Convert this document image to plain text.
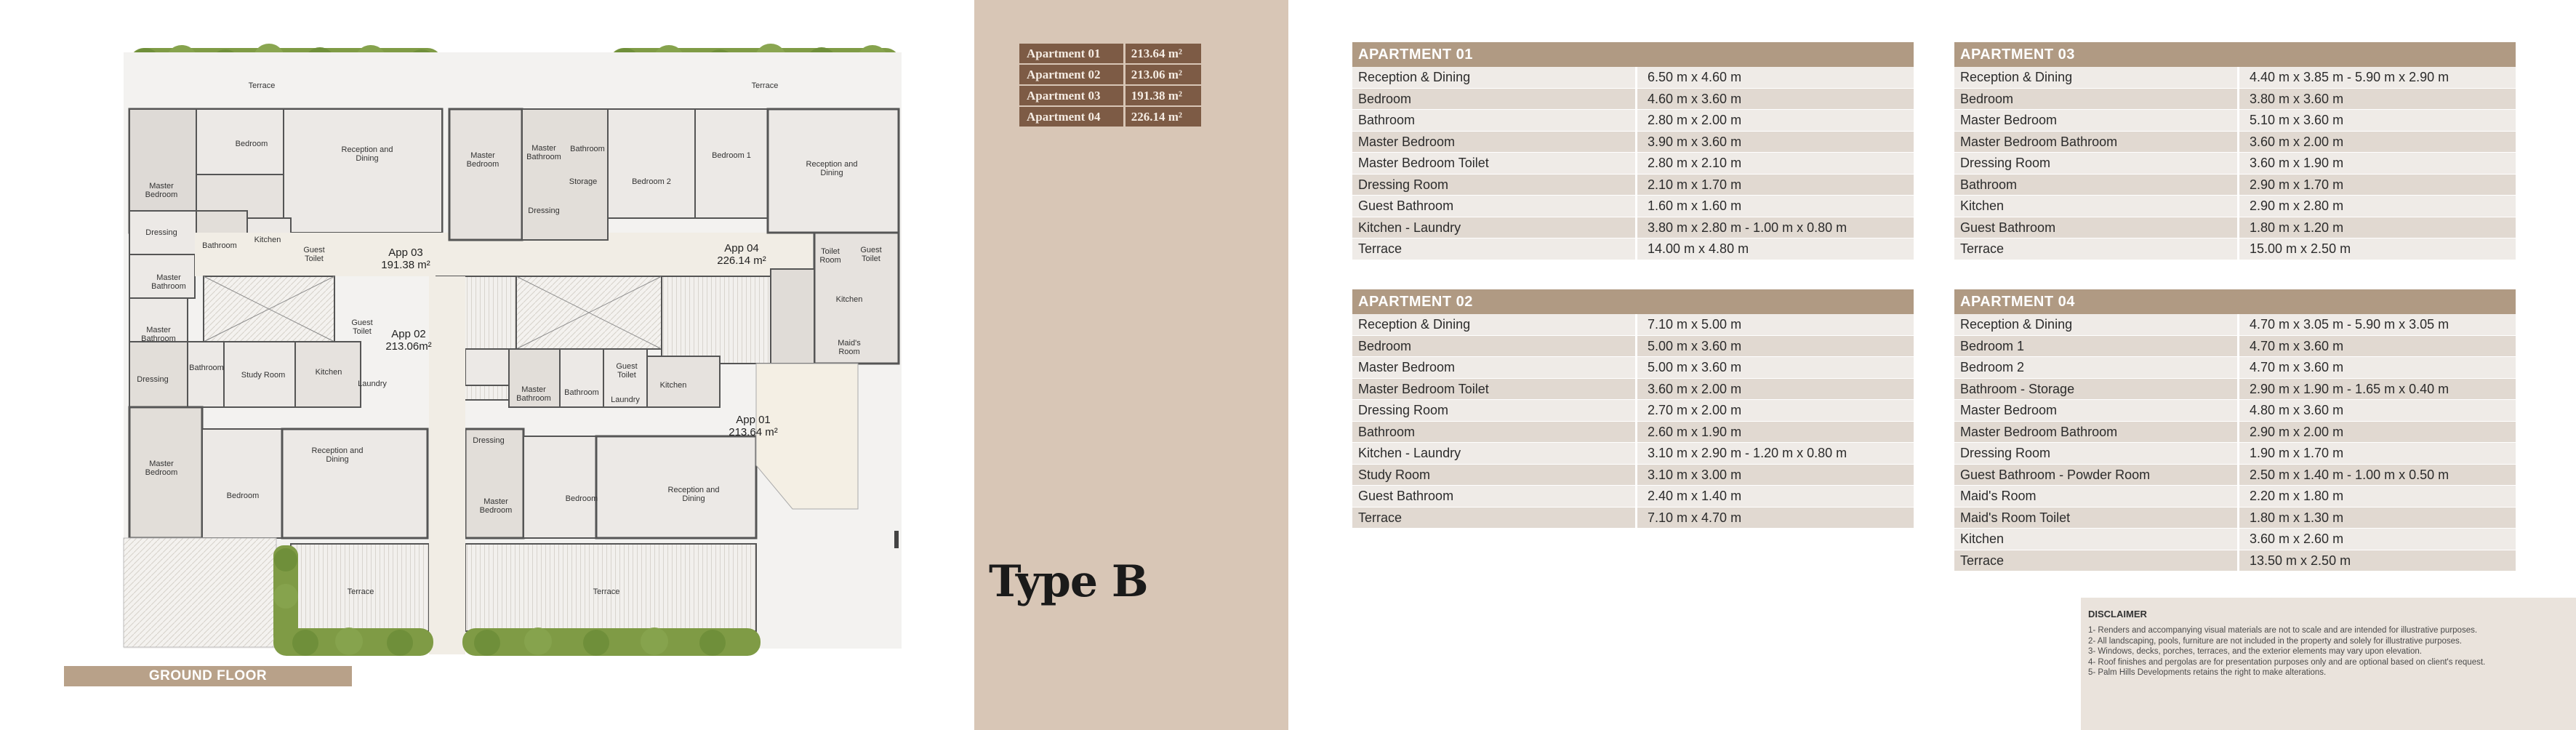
Terrace	Terrace
Bedroom
Reception and Dining
Master Bedroom
Master Bathroom
Bathroom
Master Bedroom
Storage
Dressing
Bedroom 2
Bedroom 1
Reception and Dining
Dressing
Bathroom
Kitchen
Guest Toilet
Master Bathroom
Toilet Room
Guest Toilet
Kitchen
Maid's Room
Master Bathroom
Guest Toilet
Dressing
Bathroom
Study Room	Kitchen
Laundry
Master Bathroom
Bathroom
Guest Toilet
Laundry
Kitchen
Dressing
Master Bedroom
Bedroom
Reception and Dining
Master Bedroom
Bedroom
Reception and Dining
Terrace	Terrace
App 03
191.38 m²
App 04
226.14 m²
App 02
213.06m²
App 01
213.64 m²
GROUND FLOOR
Apartment 01	213.64 m²
Apartment 02	213.06 m²
Apartment 03	191.38 m²
Apartment 04	226.14 m²
Type B
APARTMENT 01
Reception & Dining	6.50 m x 4.60 m
Bedroom	4.60 m x 3.60 m
Bathroom	2.80 m x 2.00 m
Master Bedroom	3.90 m x 3.60 m
Master Bedroom Toilet	2.80 m x 2.10 m
Dressing Room	2.10 m x 1.70 m
Guest Bathroom	1.60 m x 1.60 m
Kitchen - Laundry	3.80 m x 2.80 m - 1.00 m x 0.80 m
Terrace	14.00 m x 4.80 m
APARTMENT 02
Reception & Dining	7.10 m x 5.00 m
Bedroom	5.00 m x 3.60 m
Master Bedroom	5.00 m x 3.60 m
Master Bedroom Toilet	3.60 m x 2.00 m
Dressing Room	2.70 m x 2.00 m
Bathroom	2.60 m x 1.90 m
Kitchen - Laundry	3.10 m x 2.90 m - 1.20 m x 0.80 m
Study Room	3.10 m x 3.00 m
Guest Bathroom	2.40 m x 1.40 m
Terrace	7.10 m x 4.70 m
APARTMENT 03
Reception & Dining	4.40 m x 3.85 m - 5.90 m x 2.90 m
Bedroom	3.80 m x 3.60 m
Master Bedroom	5.10 m x 3.60 m
Master Bedroom Bathroom	3.60 m x 2.00 m
Dressing Room	3.60 m x 1.90 m
Bathroom	2.90 m x 1.70 m
Kitchen	2.90 m x 2.80 m
Guest Bathroom	1.80 m x 1.20 m
Terrace	15.00 m x 2.50 m
APARTMENT 04
Reception & Dining	4.70 m x 3.05 m - 5.90 m x 3.05 m
Bedroom 1	4.70 m x 3.60 m
Bedroom 2	4.70 m x 3.60 m
Bathroom - Storage	2.90 m x 1.90 m - 1.65 m x 0.40 m
Master Bedroom	4.80 m x 3.60 m
Master Bedroom Bathroom	2.90 m x 2.00 m
Dressing Room	1.90 m x 1.70 m
Guest Bathroom - Powder Room	2.50 m x 1.40 m - 1.00 m x 0.50 m
Maid's Room	2.20 m x 1.80 m
Maid's Room Toilet	1.80 m x 1.30 m
Kitchen	3.60 m x 2.60 m
Terrace	13.50 m x 2.50 m
DISCLAIMER
1- Renders and accompanying visual materials are not to scale and are intended for illustrative purposes.
2- All landscaping, pools, furniture are not included in the property and solely for illustrative purposes.
3- Windows, decks, porches, terraces, and the exterior elements may vary upon elevation.
4- Roof finishes and pergolas are for presentation purposes only and are optional based on client's request.
5- Palm Hills Developments retains the right to make alterations.
